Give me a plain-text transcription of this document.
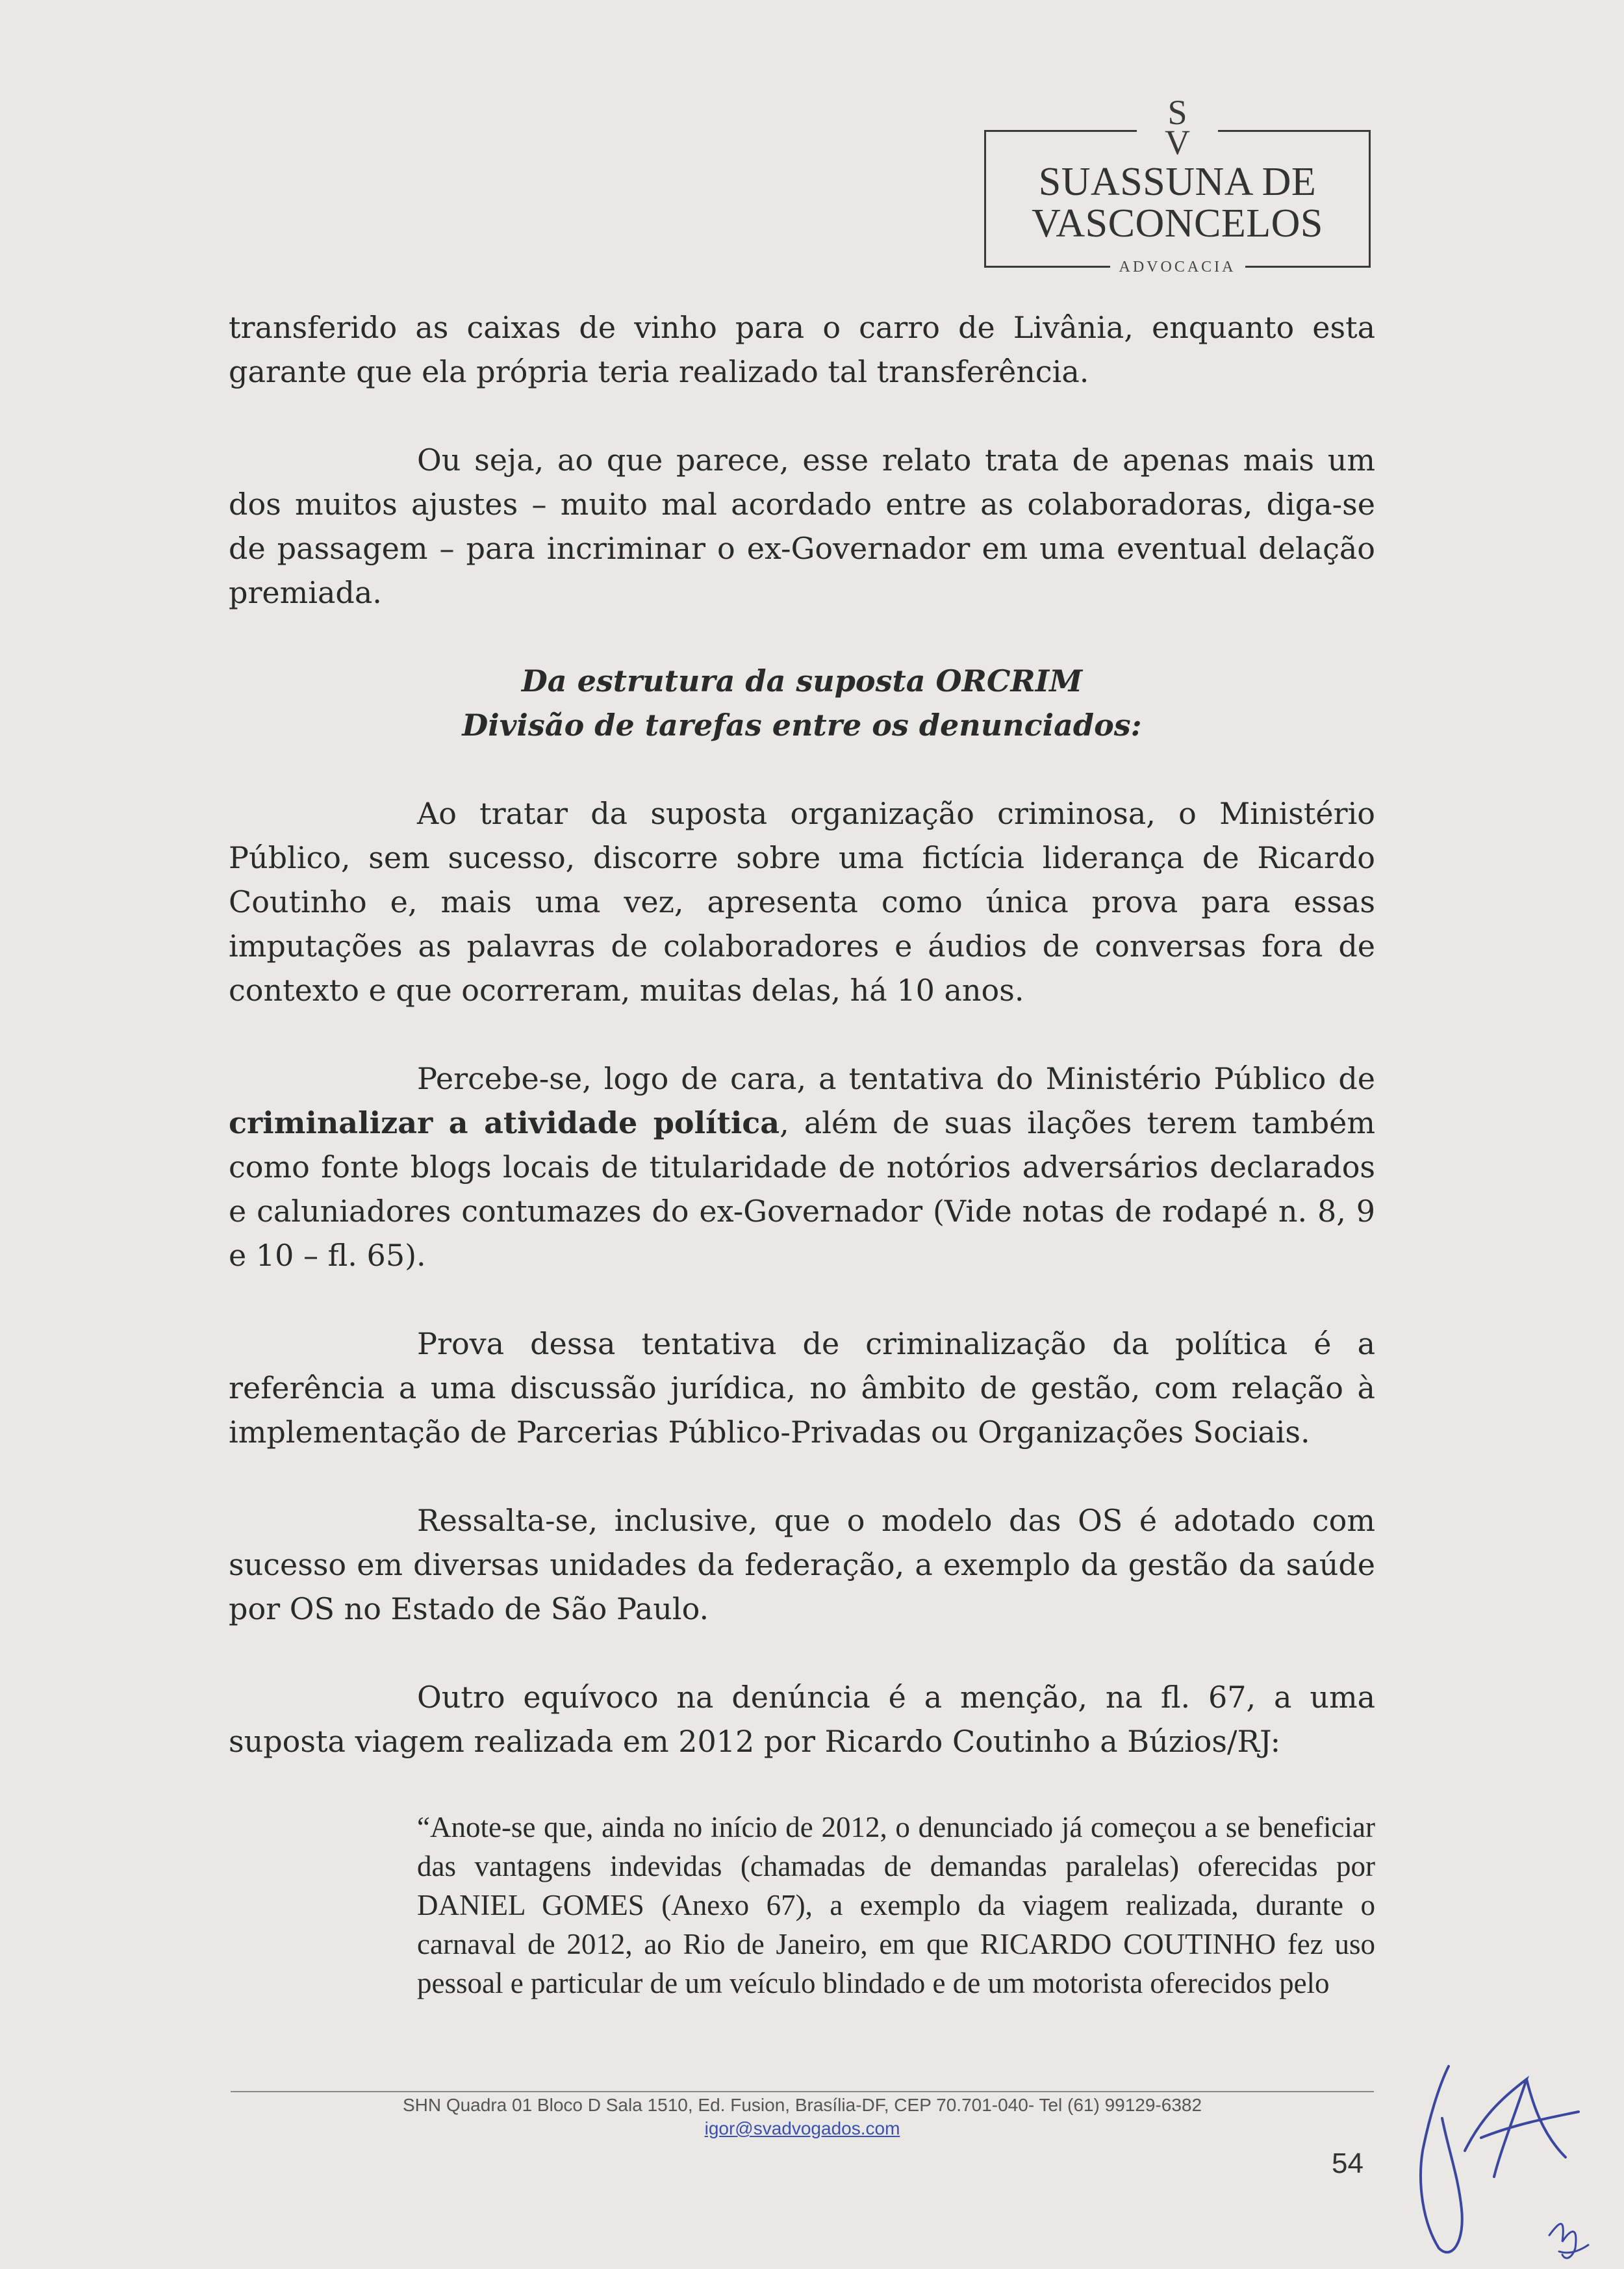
S
V
SUASSUNA DE
VASCONCELOS
ADVOCACIA

transferido as caixas de vinho para o carro de Livânia, enquanto esta garante que ela própria teria realizado tal transferência.

Ou seja, ao que parece, esse relato trata de apenas mais um dos muitos ajustes – muito mal acordado entre as colaboradoras, diga-se de passagem – para incriminar o ex-Governador em uma eventual delação premiada.

Da estrutura da suposta ORCRIM
Divisão de tarefas entre os denunciados:

Ao tratar da suposta organização criminosa, o Ministério Público, sem sucesso, discorre sobre uma fictícia liderança de Ricardo Coutinho e, mais uma vez, apresenta como única prova para essas imputações as palavras de colaboradores e áudios de conversas fora de contexto e que ocorreram, muitas delas, há 10 anos.

Percebe-se, logo de cara, a tentativa do Ministério Público de criminalizar a atividade política, além de suas ilações terem também como fonte blogs locais de titularidade de notórios adversários declarados e caluniadores contumazes do ex-Governador (Vide notas de rodapé n. 8, 9 e 10 – fl. 65).

Prova dessa tentativa de criminalização da política é a referência a uma discussão jurídica, no âmbito de gestão, com relação à implementação de Parcerias Público-Privadas ou Organizações Sociais.

Ressalta-se, inclusive, que o modelo das OS é adotado com sucesso em diversas unidades da federação, a exemplo da gestão da saúde por OS no Estado de São Paulo.

Outro equívoco na denúncia é a menção, na fl. 67, a uma suposta viagem realizada em 2012 por Ricardo Coutinho a Búzios/RJ:

“Anote-se que, ainda no início de 2012, o denunciado já começou a se beneficiar das vantagens indevidas (chamadas de demandas paralelas) oferecidas por DANIEL GOMES (Anexo 67), a exemplo da viagem realizada, durante o carnaval de 2012, ao Rio de Janeiro, em que RICARDO COUTINHO fez uso pessoal e particular de um veículo blindado e de um motorista oferecidos pelo

SHN Quadra 01 Bloco D Sala 1510, Ed. Fusion, Brasília-DF, CEP 70.701-040- Tel (61) 99129-6382
igor@svadvogados.com
54
